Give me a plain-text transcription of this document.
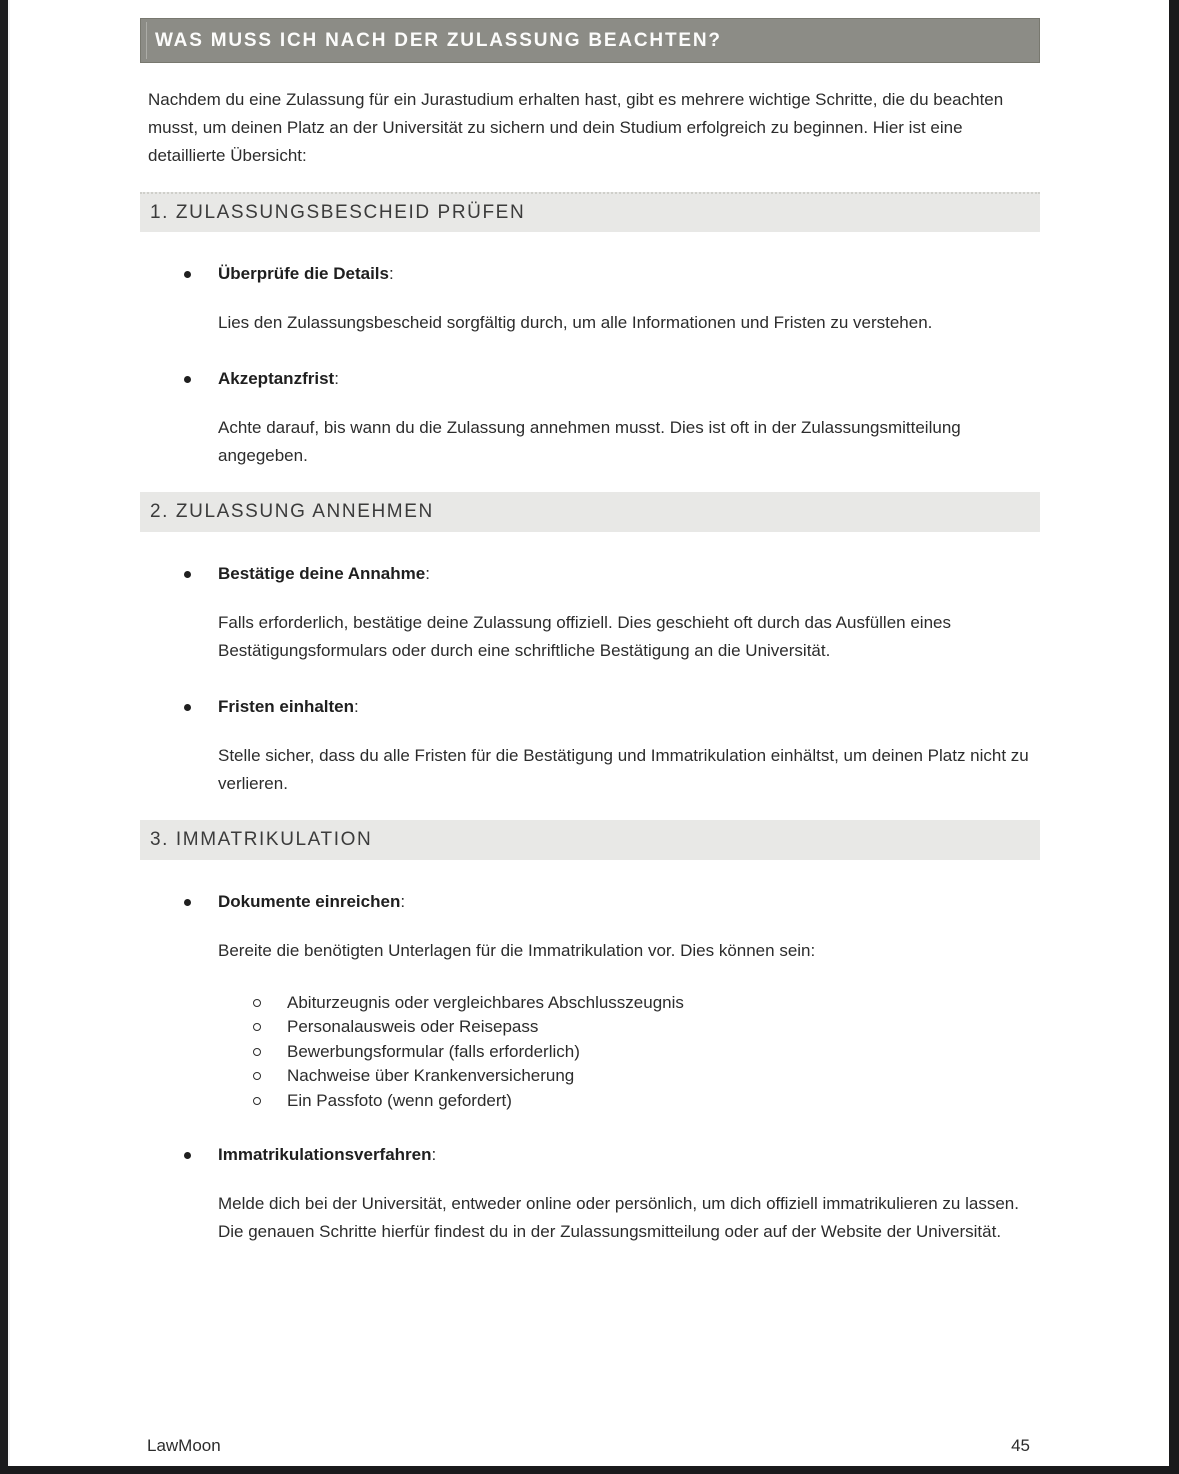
WAS MUSS ICH NACH DER ZULASSUNG BEACHTEN?

Nachdem du eine Zulassung für ein Jurastudium erhalten hast, gibt es mehrere wichtige Schritte, die du beachten musst, um deinen Platz an der Universität zu sichern und dein Studium erfolgreich zu beginnen. Hier ist eine detaillierte Übersicht:

1. ZULASSUNGSBESCHEID PRÜFEN
Überprüfe die Details:

Lies den Zulassungsbescheid sorgfältig durch, um alle Informationen und Fristen zu verstehen.

Akzeptanzfrist:

Achte darauf, bis wann du die Zulassung annehmen musst. Dies ist oft in der Zulassungsmitteilung angegeben.

2. ZULASSUNG ANNEHMEN
Bestätige deine Annahme:

Falls erforderlich, bestätige deine Zulassung offiziell. Dies geschieht oft durch das Ausfüllen eines Bestätigungsformulars oder durch eine schriftliche Bestätigung an die Universität.

Fristen einhalten:

Stelle sicher, dass du alle Fristen für die Bestätigung und Immatrikulation einhältst, um deinen Platz nicht zu verlieren.

3. IMMATRIKULATION
Dokumente einreichen:

Bereite die benötigten Unterlagen für die Immatrikulation vor. Dies können sein:

Abiturzeugnis oder vergleichbares Abschlusszeugnis
Personalausweis oder Reisepass
Bewerbungsformular (falls erforderlich)
Nachweise über Krankenversicherung
Ein Passfoto (wenn gefordert)
Immatrikulationsverfahren:

Melde dich bei der Universität, entweder online oder persönlich, um dich offiziell immatrikulieren zu lassen. Die genauen Schritte hierfür findest du in der Zulassungsmitteilung oder auf der Website der Universität.

LawMoon	45
